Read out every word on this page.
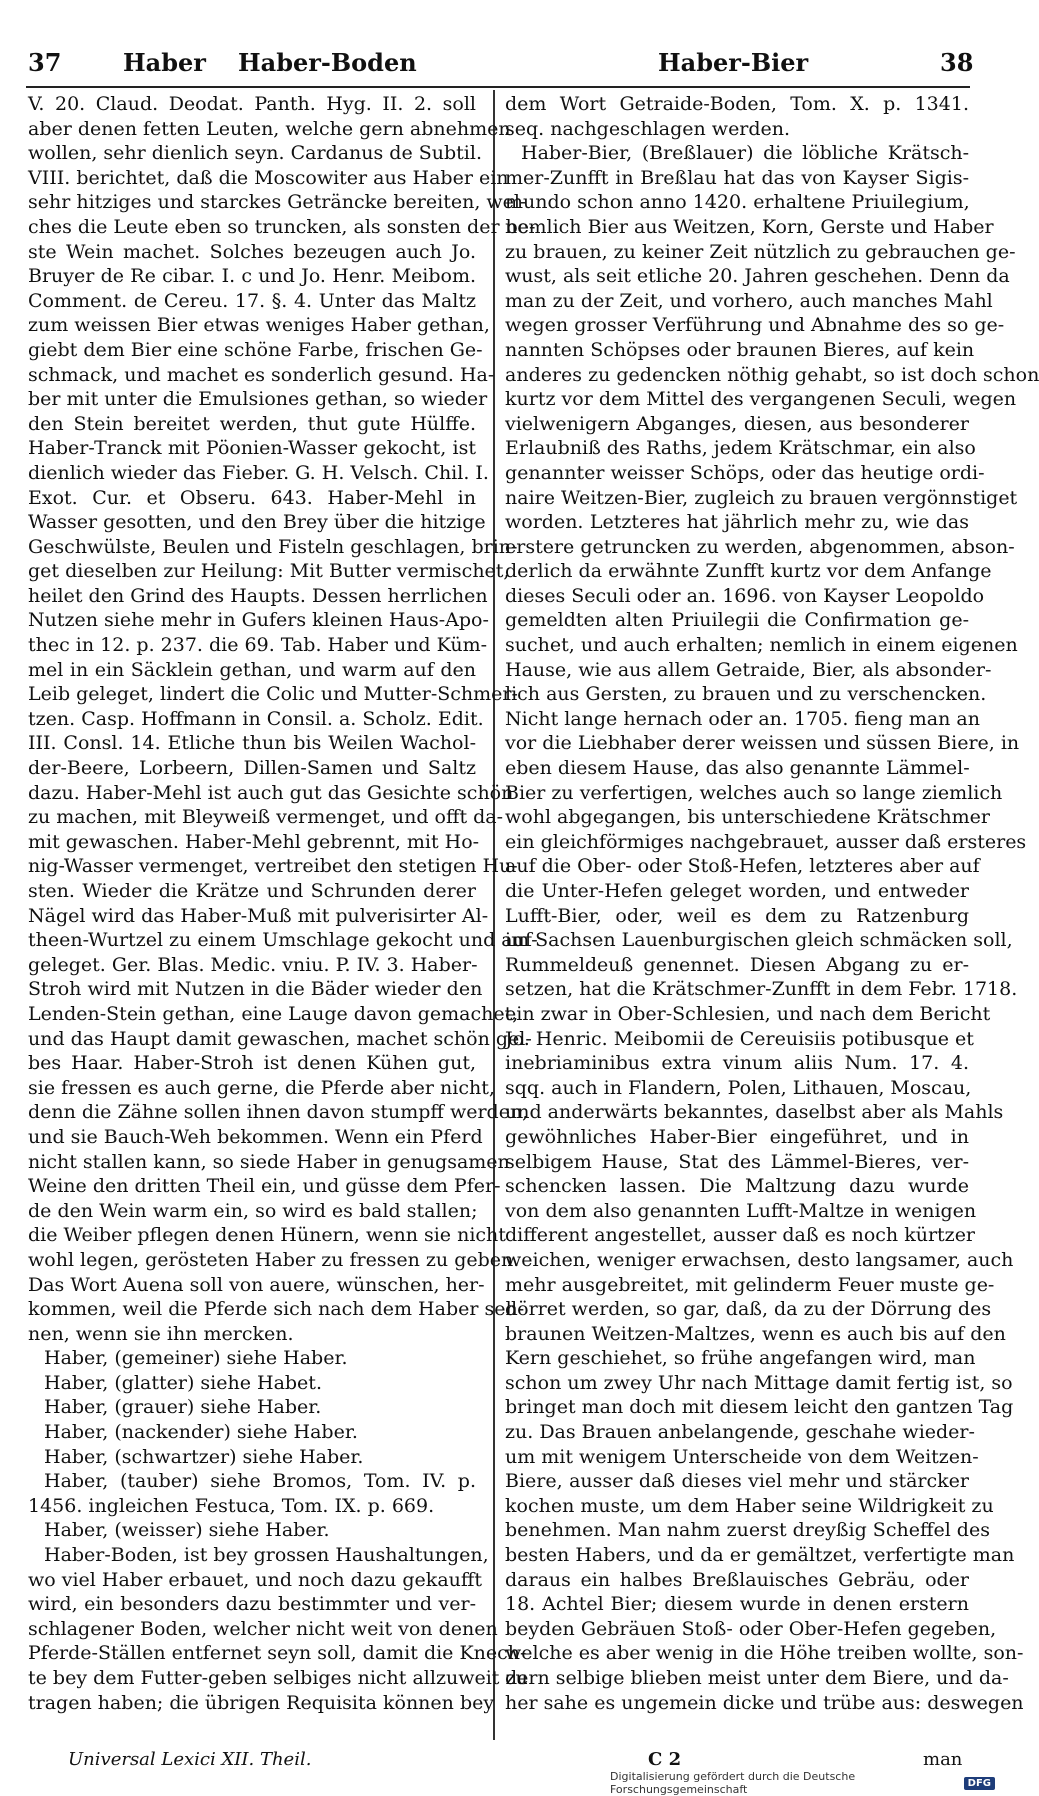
37	Haber Haber-Boden	Haber-Bier	38
V. 20. Claud. Deodat. Panth. Hyg. II. 2. soll
aber denen fetten Leuten, welche gern abnehmen
wollen, sehr dienlich seyn. Cardanus de Subtil.
VIII. berichtet, daß die Moscowiter aus Haber ein
sehr hitziges und starckes Geträncke bereiten, wel-
ches die Leute eben so truncken, als sonsten der be-
ste Wein machet. Solches bezeugen auch Jo.
Bruyer de Re cibar. I. c und Jo. Henr. Meibom.
Comment. de Cereu. 17. §. 4. Unter das Maltz
zum weissen Bier etwas weniges Haber gethan,
giebt dem Bier eine schöne Farbe, frischen Ge-
schmack, und machet es sonderlich gesund. Ha-
ber mit unter die Emulsiones gethan, so wieder
den Stein bereitet werden, thut gute Hülffe.
Haber-Tranck mit Pöonien-Wasser gekocht, ist
dienlich wieder das Fieber. G. H. Velsch. Chil. I.
Exot. Cur. et Obseru. 643. Haber-Mehl in
Wasser gesotten, und den Brey über die hitzige
Geschwülste, Beulen und Fisteln geschlagen, brin-
get dieselben zur Heilung: Mit Butter vermischet,
heilet den Grind des Haupts. Dessen herrlichen
Nutzen siehe mehr in Gufers kleinen Haus-Apo-
thec in 12. p. 237. die 69. Tab. Haber und Küm-
mel in ein Säcklein gethan, und warm auf den
Leib geleget, lindert die Colic und Mutter-Schmer-
tzen. Casp. Hoffmann in Consil. a. Scholz. Edit.
III. Consl. 14. Etliche thun bis Weilen Wachol-
der-Beere, Lorbeern, Dillen-Samen und Saltz
dazu. Haber-Mehl ist auch gut das Gesichte schön
zu machen, mit Bleyweiß vermenget, und offt da-
mit gewaschen. Haber-Mehl gebrennt, mit Ho-
nig-Wasser vermenget, vertreibet den stetigen Hu-
sten. Wieder die Krätze und Schrunden derer
Nägel wird das Haber-Muß mit pulverisirter Al-
theen-Wurtzel zu einem Umschlage gekocht und auf-
geleget. Ger. Blas. Medic. vniu. P. IV. 3. Haber-
Stroh wird mit Nutzen in die Bäder wieder den
Lenden-Stein gethan, eine Lauge davon gemachet,
und das Haupt damit gewaschen, machet schön gel-
bes Haar. Haber-Stroh ist denen Kühen gut,
sie fressen es auch gerne, die Pferde aber nicht,
denn die Zähne sollen ihnen davon stumpff werden,
und sie Bauch-Weh bekommen. Wenn ein Pferd
nicht stallen kann, so siede Haber in genugsamen
Weine den dritten Theil ein, und güsse dem Pfer-
de den Wein warm ein, so wird es bald stallen;
die Weiber pflegen denen Hünern, wenn sie nicht
wohl legen, gerösteten Haber zu fressen zu geben.
Das Wort Auena soll von auere, wünschen, her-
kommen, weil die Pferde sich nach dem Haber seh-
nen, wenn sie ihn mercken.
Haber, (gemeiner) siehe Haber.
Haber, (glatter) siehe Habet.
Haber, (grauer) siehe Haber.
Haber, (nackender) siehe Haber.
Haber, (schwartzer) siehe Haber.
Haber, (tauber) siehe Bromos, Tom. IV. p.
1456. ingleichen Festuca, Tom. IX. p. 669.
Haber, (weisser) siehe Haber.
Haber-Boden, ist bey grossen Haushaltungen,
wo viel Haber erbauet, und noch dazu gekaufft
wird, ein besonders dazu bestimmter und ver-
schlagener Boden, welcher nicht weit von denen
Pferde-Ställen entfernet seyn soll, damit die Knech-
te bey dem Futter-geben selbiges nicht allzuweit zu
tragen haben; die übrigen Requisita können bey
dem Wort Getraide-Boden, Tom. X. p. 1341.
seq. nachgeschlagen werden.
Haber-Bier, (Breßlauer) die löbliche Krätsch-
mer-Zunfft in Breßlau hat das von Kayser Sigis-
mundo schon anno 1420. erhaltene Priuilegium,
nemlich Bier aus Weitzen, Korn, Gerste und Haber
zu brauen, zu keiner Zeit nützlich zu gebrauchen ge-
wust, als seit etliche 20. Jahren geschehen. Denn da
man zu der Zeit, und vorhero, auch manches Mahl
wegen grosser Verführung und Abnahme des so ge-
nannten Schöpses oder braunen Bieres, auf kein
anderes zu gedencken nöthig gehabt, so ist doch schon
kurtz vor dem Mittel des vergangenen Seculi, wegen
vielwenigern Abganges, diesen, aus besonderer
Erlaubniß des Raths, jedem Krätschmar, ein also
genannter weisser Schöps, oder das heutige ordi-
naire Weitzen-Bier, zugleich zu brauen vergönnstiget
worden. Letzteres hat jährlich mehr zu, wie das
erstere getruncken zu werden, abgenommen, abson-
derlich da erwähnte Zunfft kurtz vor dem Anfange
dieses Seculi oder an. 1696. von Kayser Leopoldo
gemeldten alten Priuilegii die Confirmation ge-
suchet, und auch erhalten; nemlich in einem eigenen
Hause, wie aus allem Getraide, Bier, als absonder-
lich aus Gersten, zu brauen und zu verschencken.
Nicht lange hernach oder an. 1705. fieng man an
vor die Liebhaber derer weissen und süssen Biere, in
eben diesem Hause, das also genannte Lämmel-
Bier zu verfertigen, welches auch so lange ziemlich
wohl abgegangen, bis unterschiedene Krätschmer
ein gleichförmiges nachgebrauet, ausser daß ersteres
auf die Ober- oder Stoß-Hefen, letzteres aber auf
die Unter-Hefen geleget worden, und entweder
Lufft-Bier, oder, weil es dem zu Ratzenburg
im Sachsen Lauenburgischen gleich schmäcken soll,
Rummeldeuß genennet. Diesen Abgang zu er-
setzen, hat die Krätschmer-Zunfft in dem Febr. 1718.
ein zwar in Ober-Schlesien, und nach dem Bericht
Jo. Henric. Meibomii de Cereuisiis potibusque et
inebriaminibus extra vinum aliis Num. 17. 4.
sqq. auch in Flandern, Polen, Lithauen, Moscau,
und anderwärts bekanntes, daselbst aber als Mahls
gewöhnliches Haber-Bier eingeführet, und in
selbigem Hause, Stat des Lämmel-Bieres, ver-
schencken lassen. Die Maltzung dazu wurde
von dem also genannten Lufft-Maltze in wenigen
different angestellet, ausser daß es noch kürtzer
weichen, weniger erwachsen, desto langsamer, auch
mehr ausgebreitet, mit gelinderm Feuer muste ge-
dörret werden, so gar, daß, da zu der Dörrung des
braunen Weitzen-Maltzes, wenn es auch bis auf den
Kern geschiehet, so frühe angefangen wird, man
schon um zwey Uhr nach Mittage damit fertig ist, so
bringet man doch mit diesem leicht den gantzen Tag
zu. Das Brauen anbelangende, geschahe wieder-
um mit wenigem Unterscheide von dem Weitzen-
Biere, ausser daß dieses viel mehr und stärcker
kochen muste, um dem Haber seine Wildrigkeit zu
benehmen. Man nahm zuerst dreyßig Scheffel des
besten Habers, und da er gemältzet, verfertigte man
daraus ein halbes Breßlauisches Gebräu, oder
18. Achtel Bier; diesem wurde in denen erstern
beyden Gebräuen Stoß- oder Ober-Hefen gegeben,
welche es aber wenig in die Höhe treiben wollte, son-
dern selbige blieben meist unter dem Biere, und da-
her sahe es ungemein dicke und trübe aus: deswegen
Universal Lexici XII. Theil.	C 2	man
Digitalisierung gefördert durch die Deutsche Forschungsgemeinschaft	DFG
